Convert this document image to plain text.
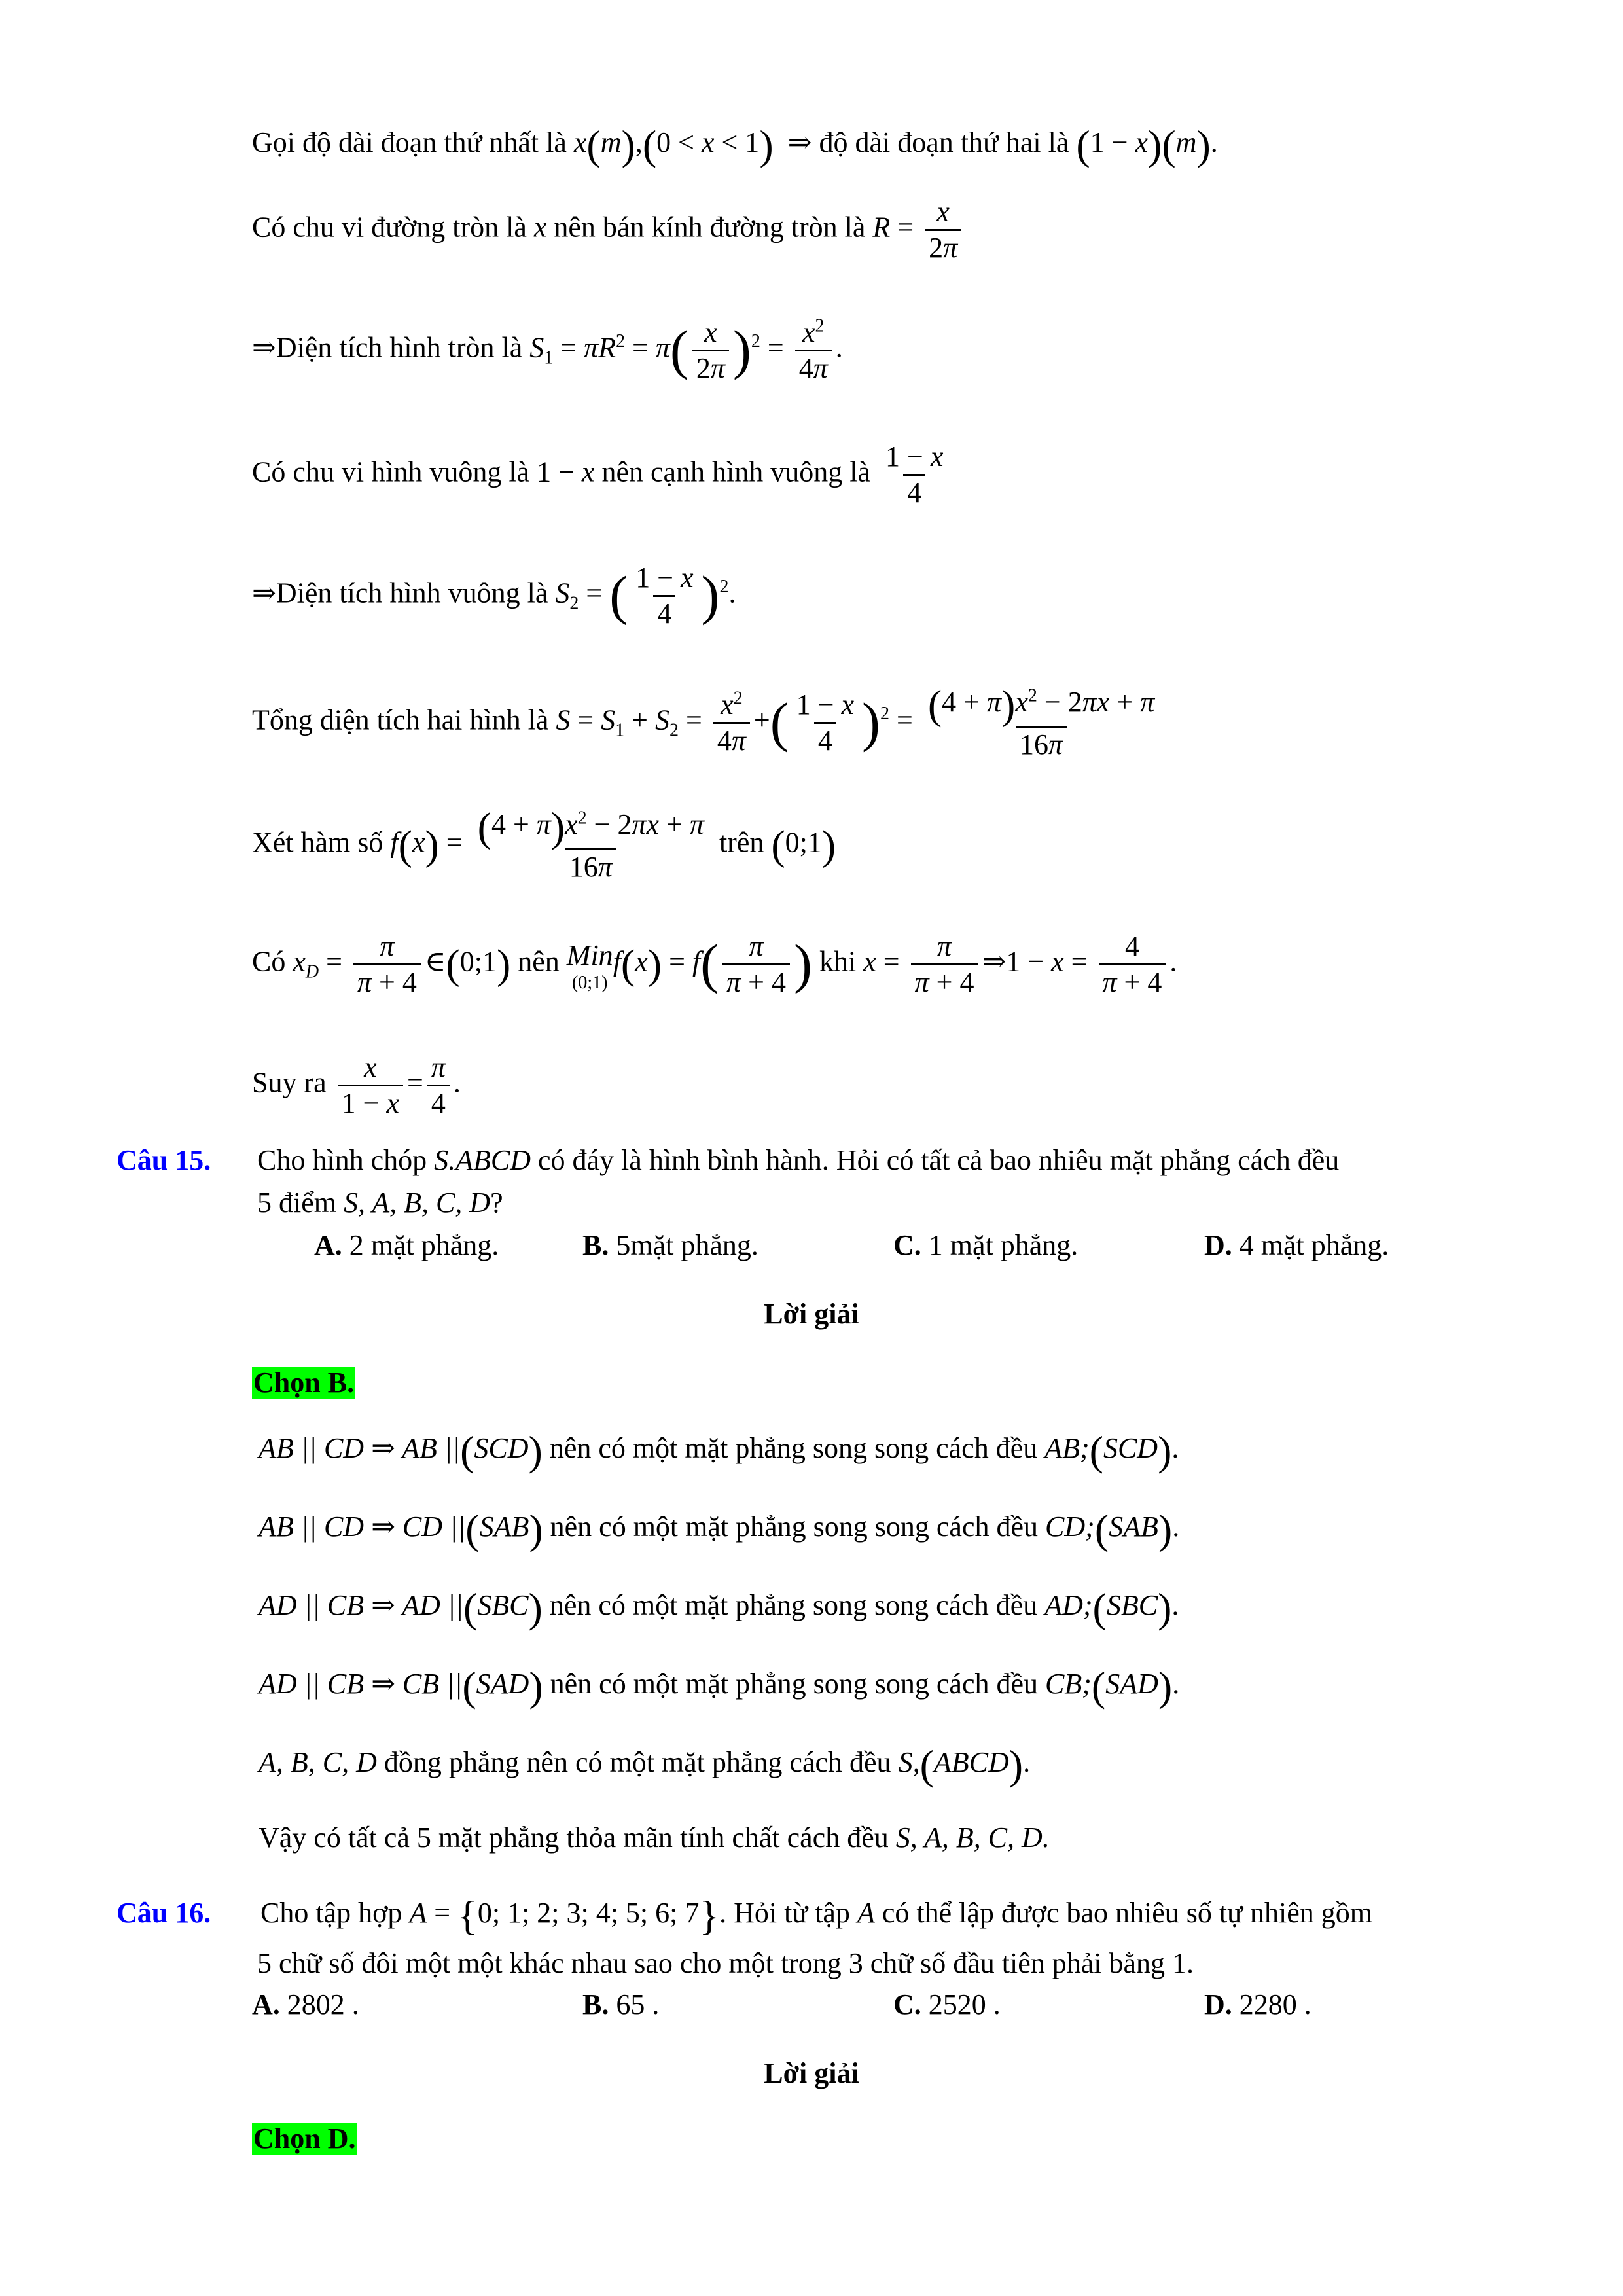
Gọi độ dài đoạn thứ nhất là x(m),(0 < x < 1)  ⇒ độ dài đoạn thứ hai là (1 − x)(m).
Có chu vi đường tròn là x nên bán kính đường tròn là $R = \frac{x}{2\pi}$
⇒Diện tích hình tròn là $S_1 = \pi R^2 = \pi( \frac{x}{2\pi} )^2 = \frac{x^2}{4\pi}$ .
Có chu vi hình vuông là 1 − x nên cạnh hình vuông là $\frac{1 - x}{4}$
⇒Diện tích hình vuông là $S_2$ = ( $\frac{1 - x}{4} )^2$.
Tổng diện tích hai hình là $S = S_1 + S_2 = \frac{x^2}{4\pi}$ +( $\frac{1 - x}{4} )^2 = \frac{(4 + \pi)x^2 - 2\pi x + \pi}{16\pi}$
Xét hàm số $f(x) = \frac{(4 + \pi)x^2 - 2\pi x + \pi}{16\pi}$ trên (0;1)
Có $x_D = \frac{\pi}{\pi + 4}$ ∈(0;1) nên Min
(0;1)
$f(x) = f( \frac{\pi}{\pi + 4}$ ) khi $x = \frac{\pi}{\pi + 4}$ ⇒1 − $x = \frac{4}{\pi + 4}$ .
Suy ra $\frac{x}{1 - x} = \frac{\pi}{4}$ .
Câu 15. Cho hình chóp S.ABCD có đáy là hình bình hành. Hỏi có tất cả bao nhiêu mặt phẳng cách đều
5 điểm S, A, B, C, D?
A. 2 mặt phẳng.	B. 5mặt phẳng.	C. 1 mặt phẳng.	D. 4 mặt phẳng.
Lời giải
Chọn B.
AB || CD ⇒ AB ||(SCD) nên có một mặt phẳng song song cách đều AB;(SCD).
AB || CD ⇒ CD ||(SAB) nên có một mặt phẳng song song cách đều CD;(SAB).
AD || CB ⇒ AD ||(SBC) nên có một mặt phẳng song song cách đều AD;(SBC).
AD || CB ⇒ CB ||(SAD) nên có một mặt phẳng song song cách đều CB;(SAD).
A, B, C, D đồng phẳng nên có một mặt phẳng cách đều S,(ABCD).
Vậy có tất cả 5 mặt phẳng thỏa mãn tính chất cách đều S, A, B, C, D.
Câu 16. Cho tập hợp A = {0; 1; 2; 3; 4; 5; 6; 7}. Hỏi từ tập A có thể lập được bao nhiêu số tự nhiên gồm
5 chữ số đôi một một khác nhau sao cho một trong 3 chữ số đầu tiên phải bằng 1.
A. 2802 .	B. 65 .	C. 2520 .	D. 2280 .
Lời giải
Chọn D.
